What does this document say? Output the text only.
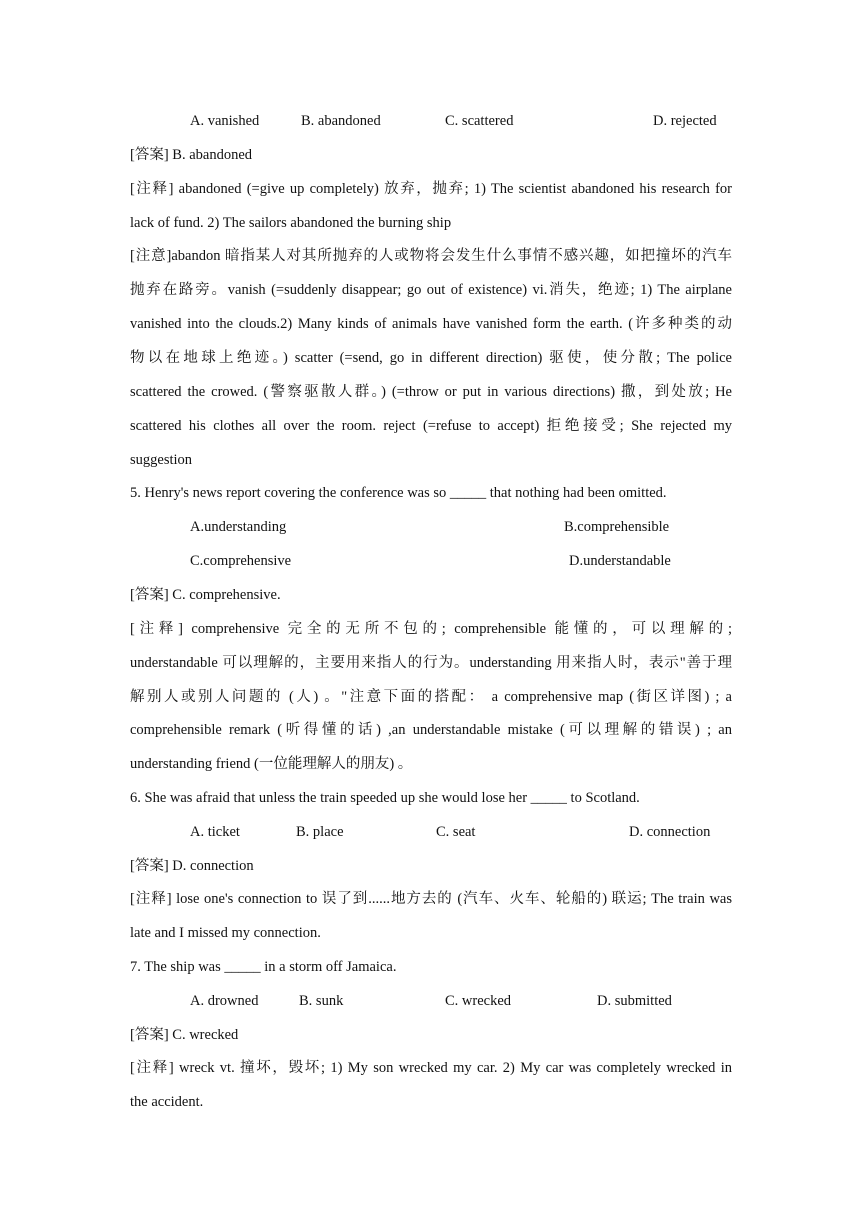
A. vanished	B. abandoned	C. scattered	D. rejected
[答案] B. abandoned
[注释] abandoned (=give up completely) 放弃，抛弃; 1) The scientist abandoned his research for
lack of fund. 2) The sailors abandoned the burning ship
[注意]abandon 暗指某人对其所抛弃的人或物将会发生什么事情不感兴趣，如把撞坏的汽车
抛弃在路旁。vanish (=suddenly disappear; go out of existence) vi.消失，绝迹; 1) The airplane
vanished into the clouds.2) Many kinds of animals have vanished form the earth. (许多种类的动
物以在地球上绝迹。) scatter (=send, go in different direction) 驱使，使分散; The police
scattered the crowed. (警察驱散人群。) (=throw or put in various directions) 撒，到处放; He
scattered his clothes all over the room. reject (=refuse to accept) 拒绝接受; She rejected my
suggestion
5. Henry's news report covering the conference was so _____ that nothing had been omitted.
A.understanding	B.comprehensible
C.comprehensive	D.understandable
[答案] C. comprehensive.
[注释] comprehensive 完全的无所不包的; comprehensible 能懂的，可以理解的;
understandable 可以理解的，主要用来指人的行为。understanding 用来指人时，表示"善于理
解别人或别人问题的 (人) 。"注意下面的搭配： a comprehensive map (街区详图) ; a
comprehensible remark (听得懂的话) ,an understandable mistake (可以理解的错误) ; an
understanding friend (一位能理解人的朋友) 。
6. She was afraid that unless the train speeded up she would lose her _____ to Scotland.
A. ticket	B. place	C. seat	D. connection
[答案] D. connection
[注释] lose one's connection to 误了到......地方去的 (汽车、火车、轮船的) 联运; The train was
late and I missed my connection.
7. The ship was _____ in a storm off Jamaica.
A. drowned	B. sunk	C. wrecked	D. submitted
[答案] C. wrecked
[注释] wreck vt. 撞坏，毁坏; 1) My son wrecked my car. 2) My car was completely wrecked in
the accident.
